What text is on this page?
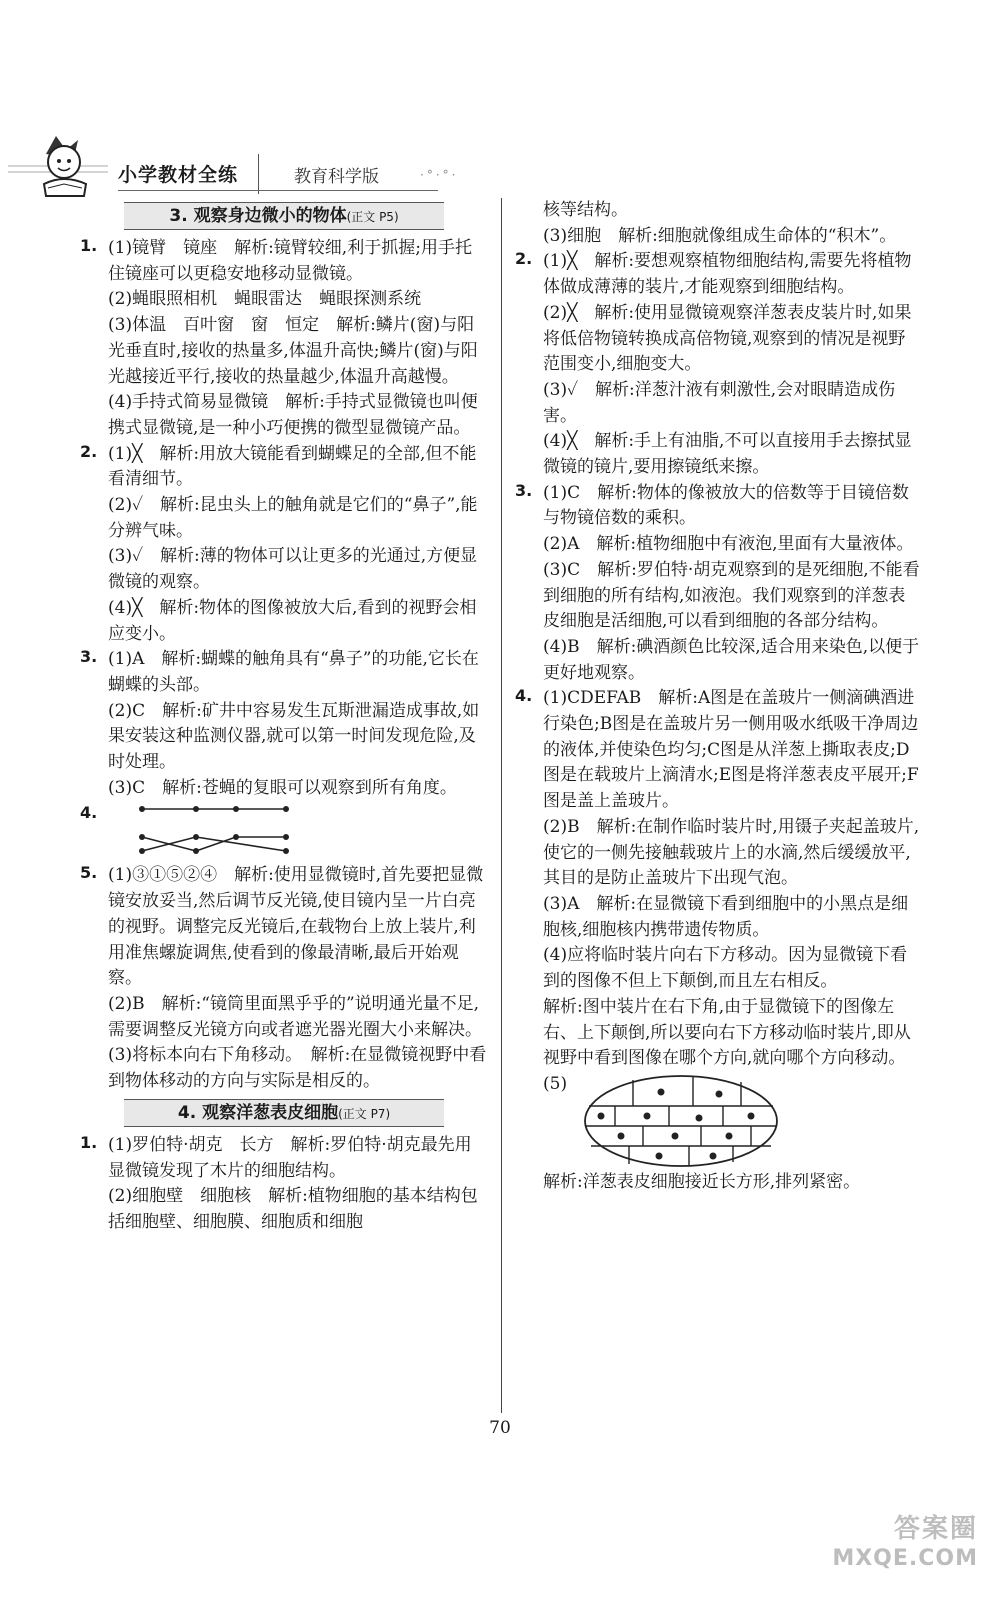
小学教材全练	教育科学版	·°·°·
3. 观察身边微小的物体(正文 P5)
1. (1)镜臂　镜座　解析:镜臂较细,利于抓握;用手托住镜座可以更稳安地移动显微镜。

(2)蝇眼照相机　蝇眼雷达　蝇眼探测系统

(3)体温　百叶窗　窗　恒定　解析:鳞片(窗)与阳光垂直时,接收的热量多,体温升高快;鳞片(窗)与阳光越接近平行,接收的热量越少,体温升高越慢。

(4)手持式简易显微镜　解析:手持式显微镜也叫便携式显微镜,是一种小巧便携的微型显微镜产品。

2. (1)╳　解析:用放大镜能看到蝴蝶足的全部,但不能看清细节。

(2)✓　解析:昆虫头上的触角就是它们的“鼻子”,能分辨气味。

(3)✓　解析:薄的物体可以让更多的光通过,方便显微镜的观察。

(4)╳　解析:物体的图像被放大后,看到的视野会相应变小。

3. (1)A　解析:蝴蝶的触角具有“鼻子”的功能,它长在蝴蝶的头部。

(2)C　解析:矿井中容易发生瓦斯泄漏造成事故,如果安装这种监测仪器,就可以第一时间发现危险,及时处理。

(3)C　解析:苍蝇的复眼可以观察到所有角度。

4.
5. (1)③①⑤②④　解析:使用显微镜时,首先要把显微镜安放妥当,然后调节反光镜,使目镜内呈一片白亮的视野。调整完反光镜后,在载物台上放上装片,利用准焦螺旋调焦,使看到的像最清晰,最后开始观察。

(2)B　解析:“镜筒里面黑乎乎的”说明通光量不足,需要调整反光镜方向或者遮光器光圈大小来解决。

(3)将标本向右下角移动。　解析:在显微镜视野中看到物体移动的方向与实际是相反的。

4. 观察洋葱表皮细胞(正文 P7)
1. (1)罗伯特·胡克　长方　解析:罗伯特·胡克最先用显微镜发现了木片的细胞结构。

(2)细胞壁　细胞核　解析:植物细胞的基本结构包括细胞壁、细胞膜、细胞质和细胞

核等结构。

(3)细胞　解析:细胞就像组成生命体的“积木”。

2. (1)╳　解析:要想观察植物细胞结构,需要先将植物体做成薄薄的装片,才能观察到细胞结构。

(2)╳　解析:使用显微镜观察洋葱表皮装片时,如果将低倍物镜转换成高倍物镜,观察到的情况是视野范围变小,细胞变大。

(3)✓　解析:洋葱汁液有刺激性,会对眼睛造成伤害。

(4)╳　解析:手上有油脂,不可以直接用手去擦拭显微镜的镜片,要用擦镜纸来擦。

3. (1)C　解析:物体的像被放大的倍数等于目镜倍数与物镜倍数的乘积。

(2)A　解析:植物细胞中有液泡,里面有大量液体。

(3)C　解析:罗伯特·胡克观察到的是死细胞,不能看到细胞的所有结构,如液泡。我们观察到的洋葱表皮细胞是活细胞,可以看到细胞的各部分结构。

(4)B　解析:碘酒颜色比较深,适合用来染色,以便于更好地观察。

4. (1)CDEFAB　解析:A图是在盖玻片一侧滴碘酒进行染色;B图是在盖玻片另一侧用吸水纸吸干净周边的液体,并使染色均匀;C图是从洋葱上撕取表皮;D图是在载玻片上滴清水;E图是将洋葱表皮平展开;F图是盖上盖玻片。

(2)B　解析:在制作临时装片时,用镊子夹起盖玻片,使它的一侧先接触载玻片上的水滴,然后缓缓放平,其目的是防止盖玻片下出现气泡。

(3)A　解析:在显微镜下看到细胞中的小黑点是细胞核,细胞核内携带遗传物质。

(4)应将临时装片向右下方移动。因为显微镜下看到的图像不但上下颠倒,而且左右相反。

解析:图中装片在右下角,由于显微镜下的图像左右、上下颠倒,所以要向右下方移动临时装片,即从视野中看到图像在哪个方向,就向哪个方向移动。

(5)

解析:洋葱表皮细胞接近长方形,排列紧密。

70
答案圈
MXQE.COM
